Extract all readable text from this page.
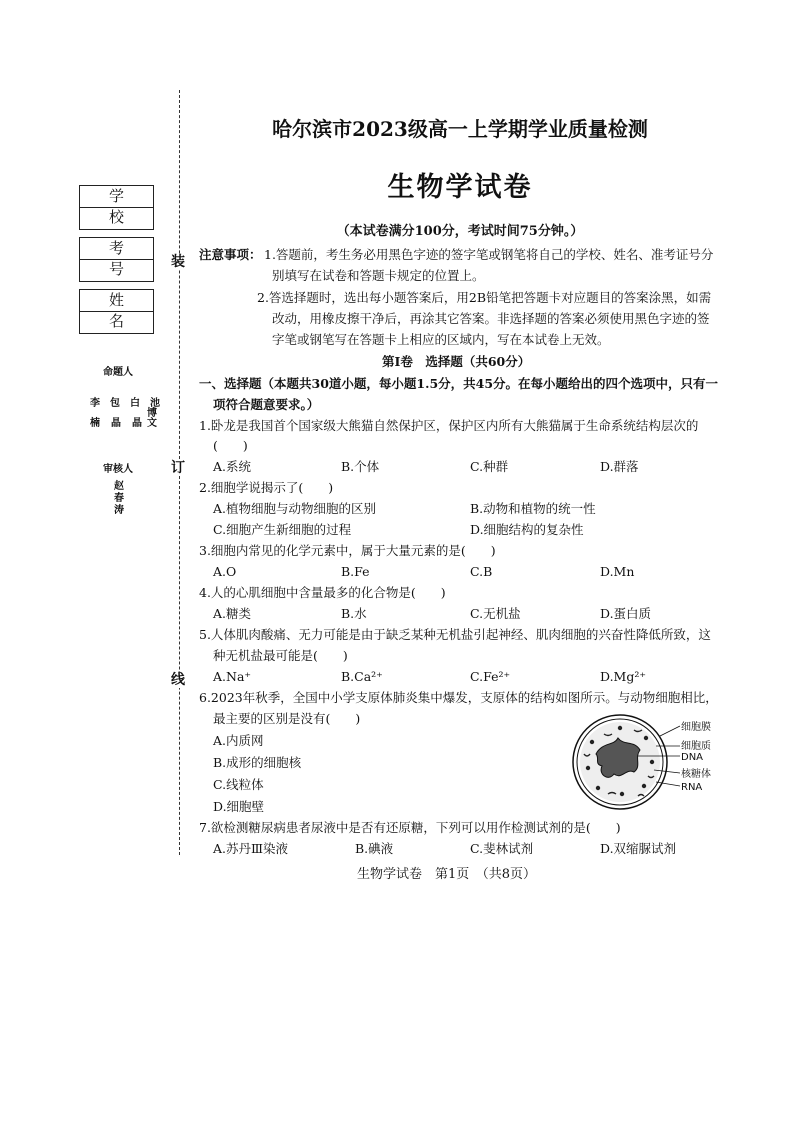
装
订
线
学　校
考　号
姓　名
命题人
李 包 白 池
博
楠 晶 晶 文
审核人
赵
春
涛
哈尔滨市2023级高一上学期学业质量检测
生物学试卷
（本试卷满分100分，考试时间75分钟。）
注意事项： 1.答题前，考生务必用黑色字迹的签字笔或钢笔将自己的学校、姓名、准考证号分
别填写在试卷和答题卡规定的位置上。
2.答选择题时，选出每小题答案后，用2B铅笔把答题卡对应题目的答案涂黑，如需
改动，用橡皮擦干净后，再涂其它答案。非选择题的答案必须使用黑色字迹的签
字笔或钢笔写在答题卡上相应的区域内，写在本试卷上无效。
第Ⅰ卷　选择题（共60分）
一、选择题（本题共30道小题，每小题1.5分，共45分。在每小题给出的四个选项中，只有一
项符合题意要求。）
1.卧龙是我国首个国家级大熊猫自然保护区，保护区内所有大熊猫属于生命系统结构层次的
(　　)
A.系统	B.个体	C.种群	D.群落
2.细胞学说揭示了(　　)
A.植物细胞与动物细胞的区别	B.动物和植物的统一性
C.细胞产生新细胞的过程	D.细胞结构的复杂性
3.细胞内常见的化学元素中，属于大量元素的是(　　)
A.O	B.Fe	C.B	D.Mn
4.人的心肌细胞中含量最多的化合物是(　　)
A.糖类	B.水	C.无机盐	D.蛋白质
5.人体肌肉酸痛、无力可能是由于缺乏某种无机盐引起神经、肌肉细胞的兴奋性降低所致，这
种无机盐最可能是(　　)
A.Na⁺	B.Ca²⁺	C.Fe²⁺	D.Mg²⁺
6.2023年秋季，全国中小学支原体肺炎集中爆发，支原体的结构如图所示。与动物细胞相比，
最主要的区别是没有(　　)
A.内质网
B.成形的细胞核
C.线粒体
D.细胞壁
细胞膜
细胞质
DNA
核糖体
RNA
7.欲检测糖尿病患者尿液中是否有还原糖，下列可以用作检测试剂的是(　　)
A.苏丹Ⅲ染液	B.碘液	C.斐林试剂	D.双缩脲试剂
生物学试卷　第1页　（共8页）
